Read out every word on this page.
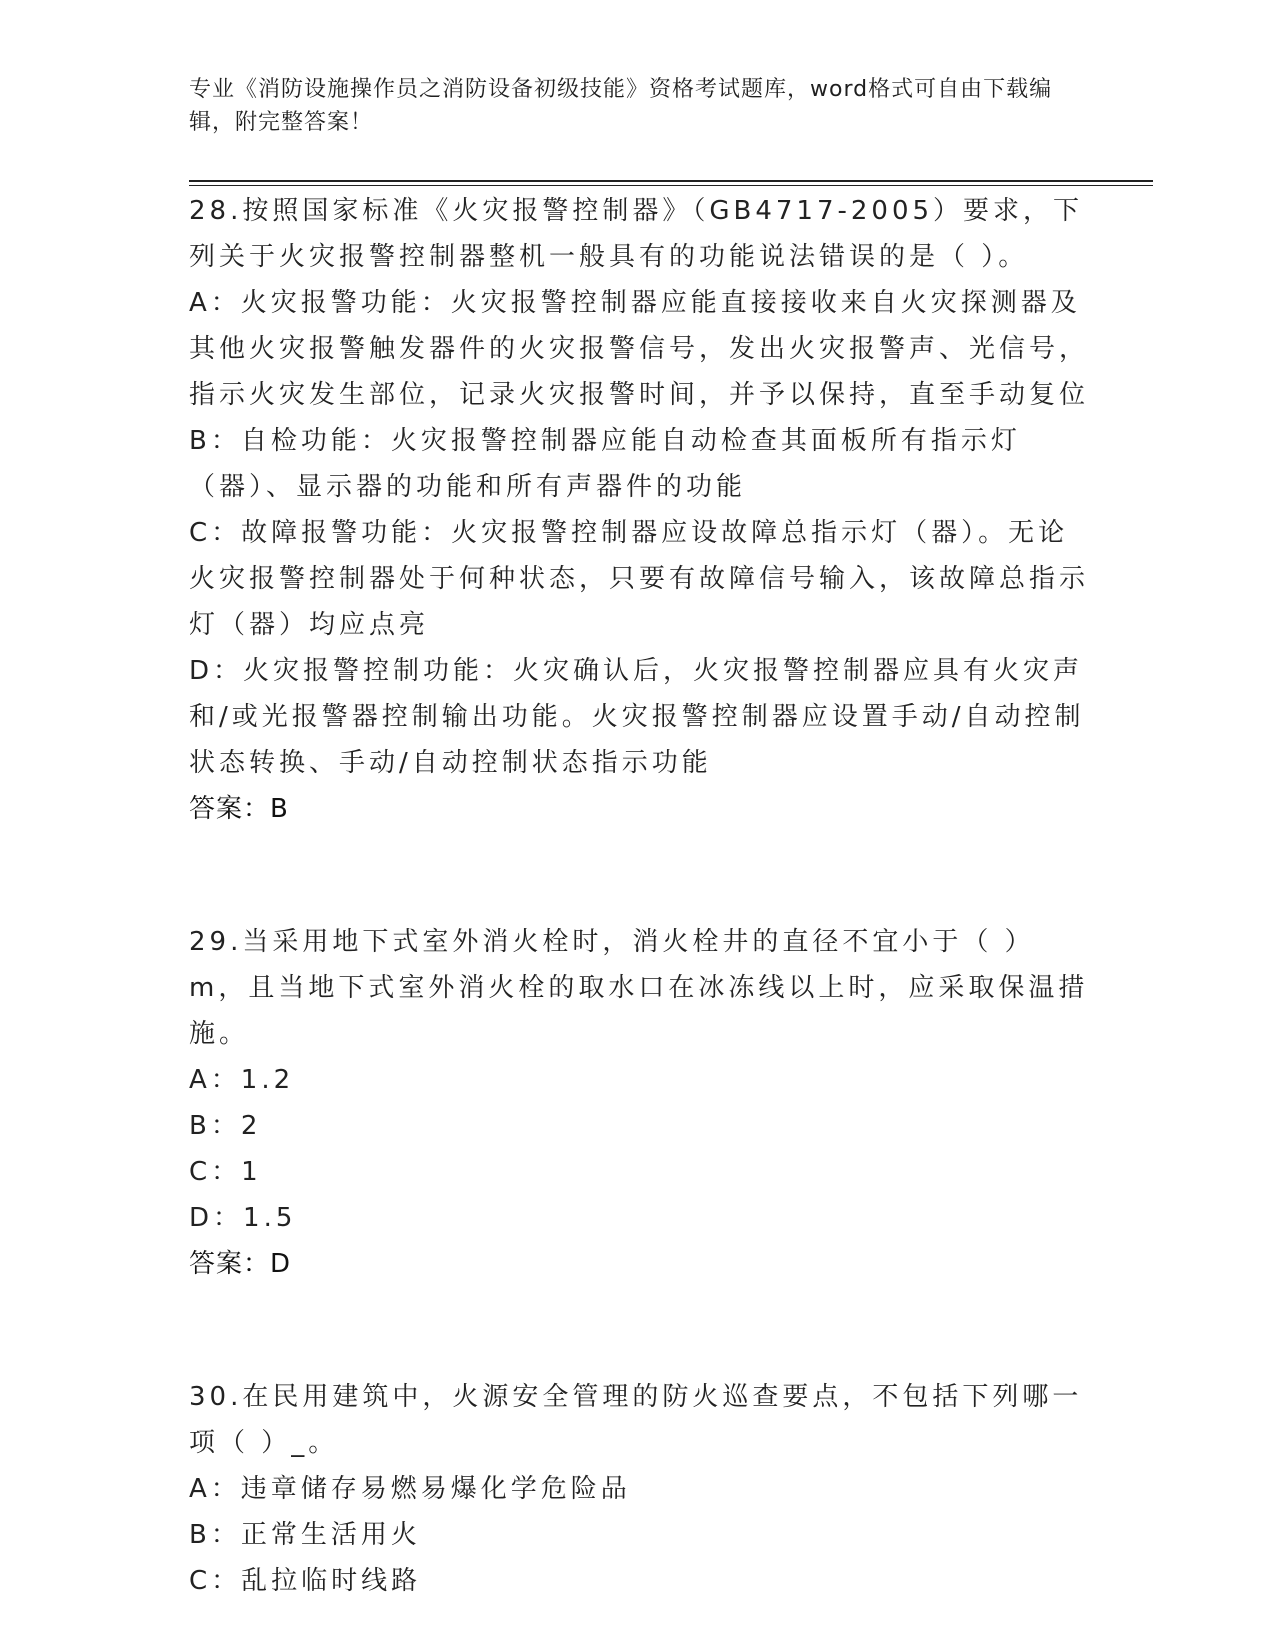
专业《消防设施操作员之消防设备初级技能》资格考试题库，word格式可自由下载编辑，附完整答案！
28.按照国家标准《火灾报警控制器》（GB4717-2005）要求，下列关于火灾报警控制器整机一般具有的功能说法错误的是（ ）。
A：火灾报警功能：火灾报警控制器应能直接接收来自火灾探测器及其他火灾报警触发器件的火灾报警信号，发出火灾报警声、光信号，指示火灾发生部位，记录火灾报警时间，并予以保持，直至手动复位
B：自检功能：火灾报警控制器应能自动检查其面板所有指示灯（器）、显示器的功能和所有声器件的功能
C：故障报警功能：火灾报警控制器应设故障总指示灯（器）。无论火灾报警控制器处于何种状态，只要有故障信号输入，该故障总指示灯（器）均应点亮
D：火灾报警控制功能：火灾确认后，火灾报警控制器应具有火灾声和/或光报警器控制输出功能。火灾报警控制器应设置手动/自动控制状态转换、手动/自动控制状态指示功能
答案：B
29.当采用地下式室外消火栓时，消火栓井的直径不宜小于（ ）m，且当地下式室外消火栓的取水口在冰冻线以上时，应采取保温措施。
A：1.2
B：2
C：1
D：1.5
答案：D
30.在民用建筑中，火源安全管理的防火巡查要点，不包括下列哪一项（ ）_。
A：违章储存易燃易爆化学危险品
B：正常生活用火
C：乱拉临时线路
